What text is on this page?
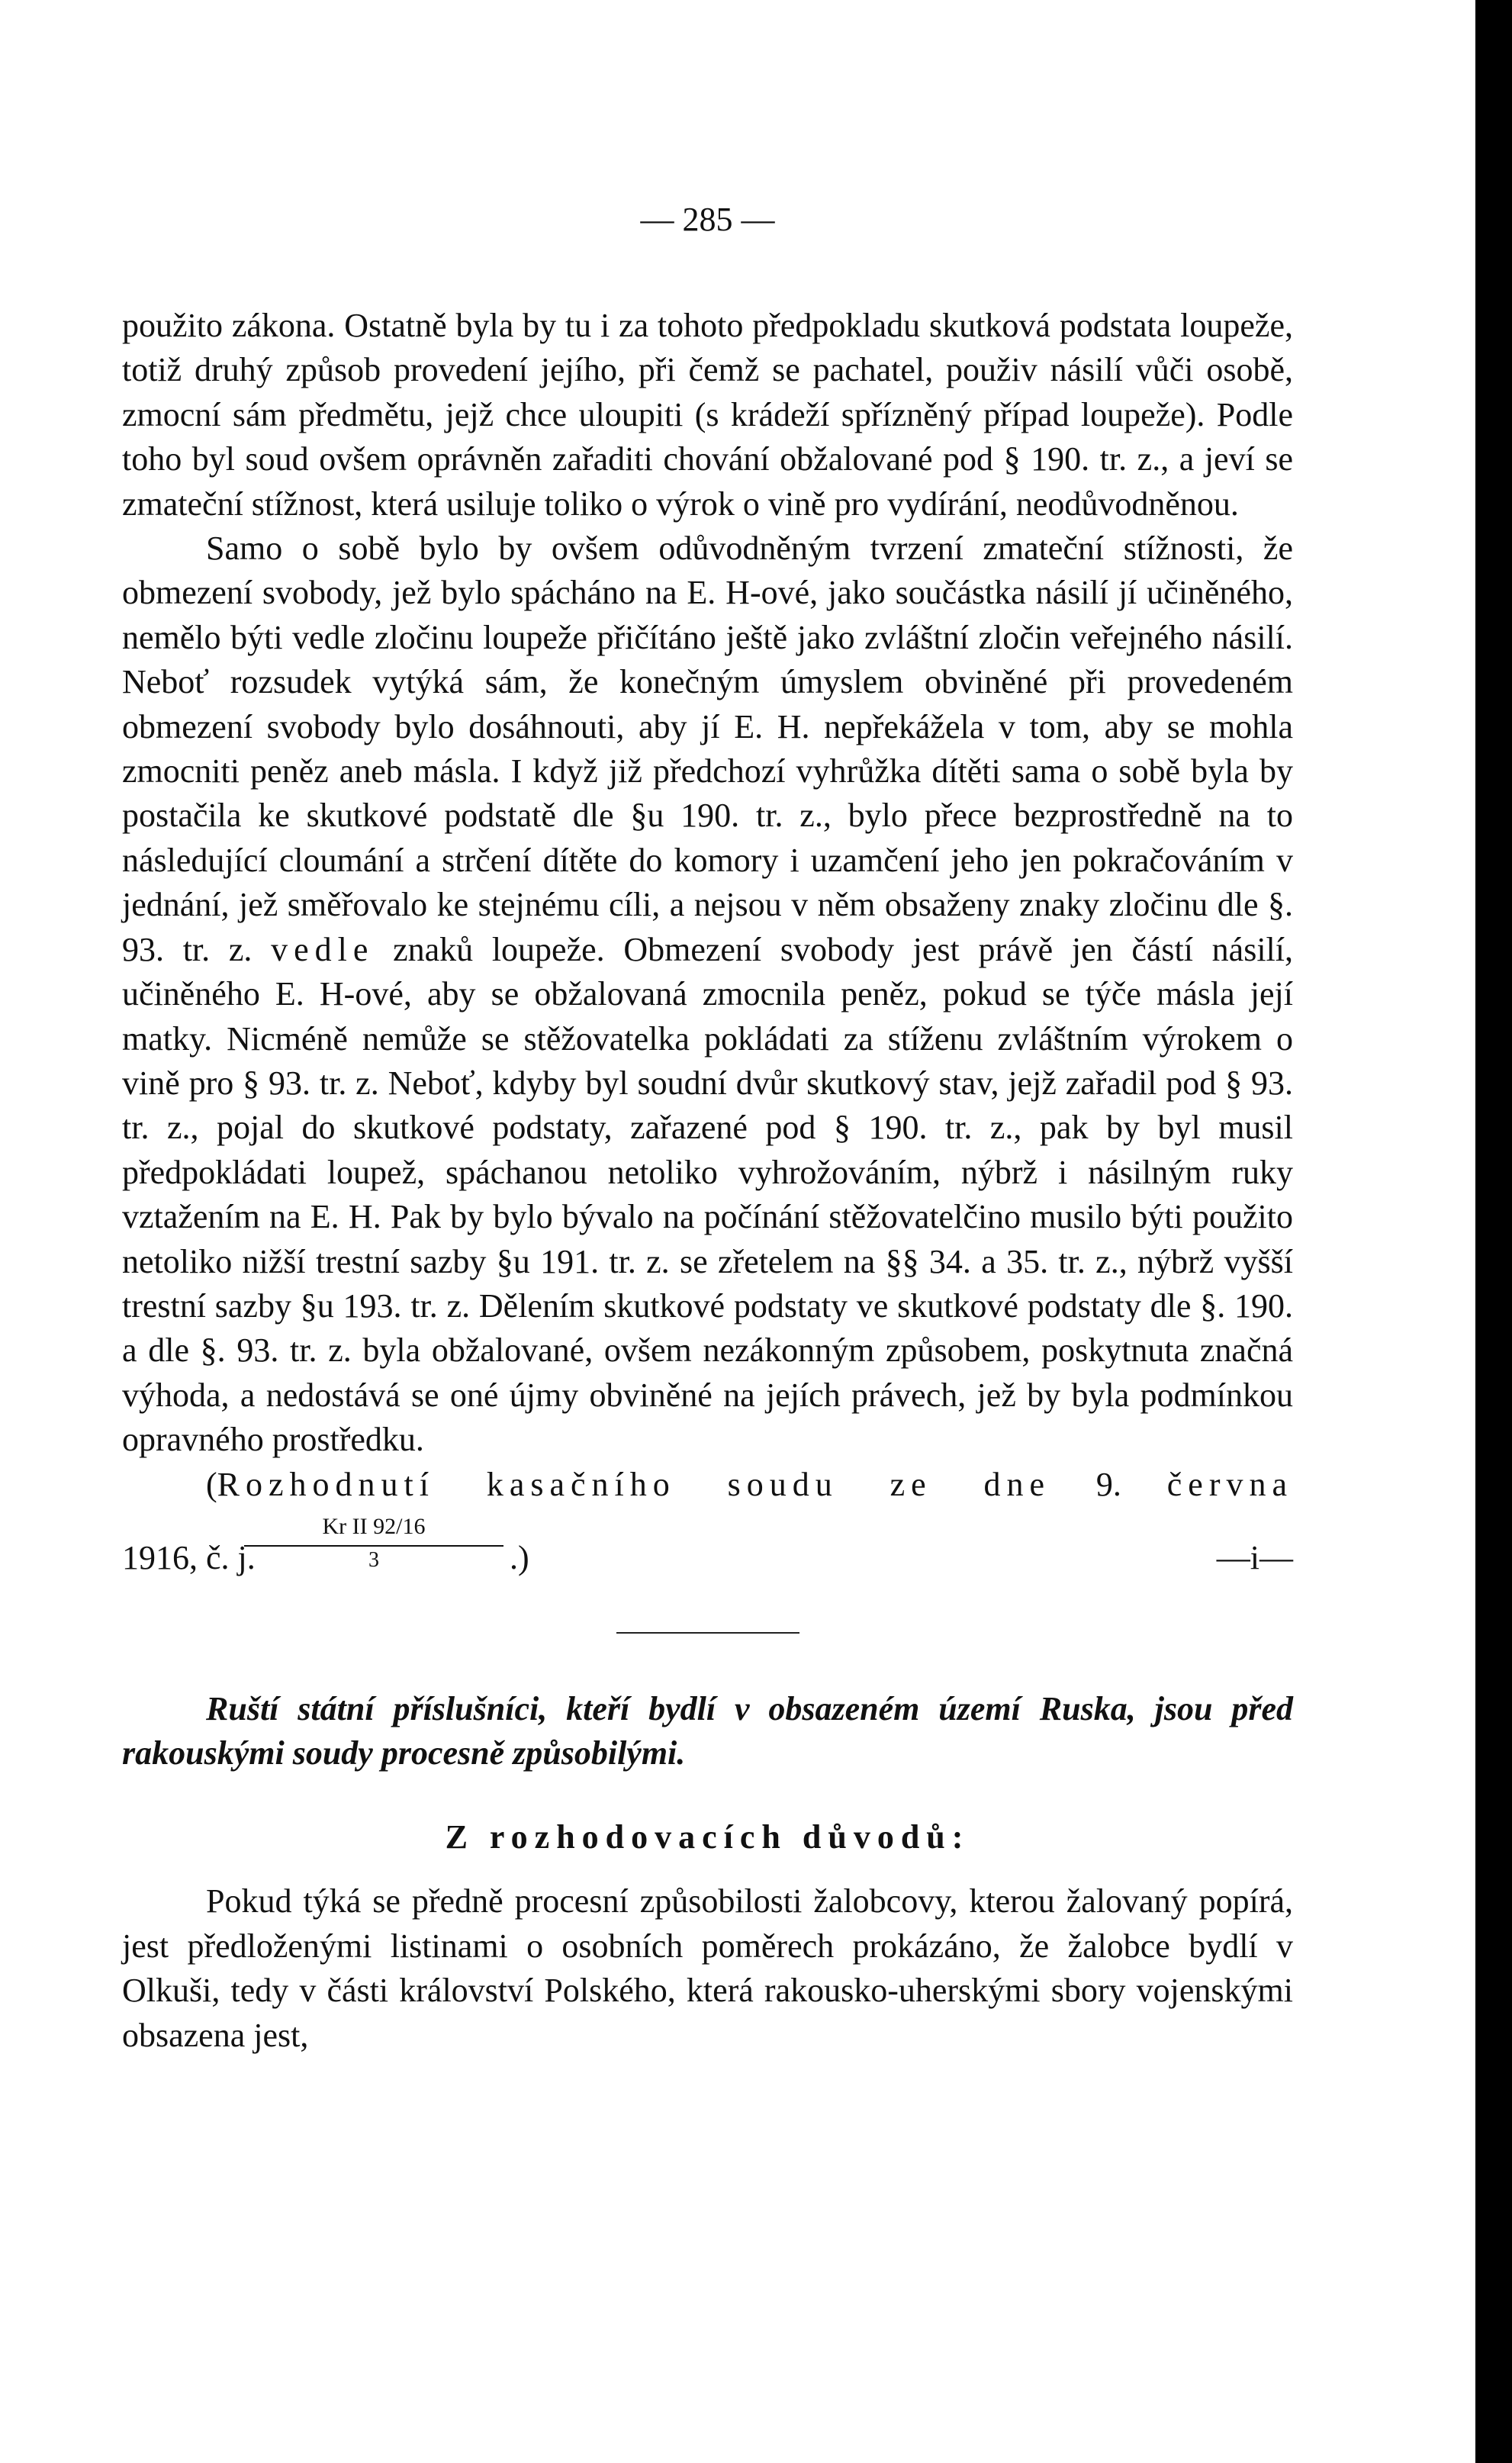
— 285 —

použito zákona. Ostatně byla by tu i za tohoto předpokladu skutková podstata loupeže, totiž druhý způsob provedení jejího, při čemž se pachatel, použiv násilí vůči osobě, zmocní sám předmětu, jejž chce uloupiti (s krádeží spřízněný případ loupeže). Podle toho byl soud ovšem oprávněn zařaditi chování obžalované pod § 190. tr. z., a jeví se zmateční stížnost, která usiluje toliko o výrok o vině pro vydírání, neodůvodněnou.

Samo o sobě bylo by ovšem odůvodněným tvrzení zmateční stížnosti, že obmezení svobody, jež bylo spácháno na E. H-ové, jako součástka násilí jí učiněného, nemělo býti vedle zločinu loupeže přičítáno ještě jako zvláštní zločin veřejného násilí. Neboť rozsudek vytýká sám, že konečným úmyslem obviněné při provedeném obmezení svobody bylo dosáhnouti, aby jí E. H. nepřekážela v tom, aby se mohla zmocniti peněz aneb másla. I když již předchozí vyhrůžka dítěti sama o sobě byla by postačila ke skutkové podstatě dle §u 190. tr. z., bylo přece bezprostředně na to následující cloumání a strčení dítěte do komory i uzamčení jeho jen pokračováním v jednání, jež směřovalo ke stejnému cíli, a nejsou v něm obsaženy znaky zločinu dle §. 93. tr. z. vedle znaků loupeže. Obmezení svobody jest právě jen částí násilí, učiněného E. H-ové, aby se obžalovaná zmocnila peněz, pokud se týče másla její matky. Nicméně nemůže se stěžovatelka pokládati za stíženu zvláštním výrokem o vině pro § 93. tr. z. Neboť, kdyby byl soudní dvůr skutkový stav, jejž zařadil pod § 93. tr. z., pojal do skutkové podstaty, zařazené pod § 190. tr. z., pak by byl musil předpokládati loupež, spáchanou netoliko vyhrožováním, nýbrž i násilným ruky vztažením na E. H. Pak by bylo bývalo na počínání stěžovatelčino musilo býti použito netoliko nižší trestní sazby §u 191. tr. z. se zřetelem na §§ 34. a 35. tr. z., nýbrž vyšší trestní sazby §u 193. tr. z. Dělením skutkové podstaty ve skutkové podstaty dle §. 190. a dle §. 93. tr. z. byla obžalované, ovšem nezákonným způsobem, poskytnuta značná výhoda, a nedostává se oné újmy obviněné na jejích právech, jež by byla podmínkou opravného prostředku.

(Rozhodnutí kasačního soudu ze dne 9. června

1916, č. j.
Kr II 92/16
3	.)	—i—

Ruští státní příslušníci, kteří bydlí v obsazeném území Ruska, jsou před rakouskými soudy procesně způsobilými.

Z rozhodovacích důvodů:

Pokud týká se předně procesní způsobilosti žalobcovy, kterou žalovaný popírá, jest předloženými listinami o osobních poměrech prokázáno, že žalobce bydlí v Olkuši, tedy v části království Polského, která rakousko-uherskými sbory vojenskými obsazena jest,
